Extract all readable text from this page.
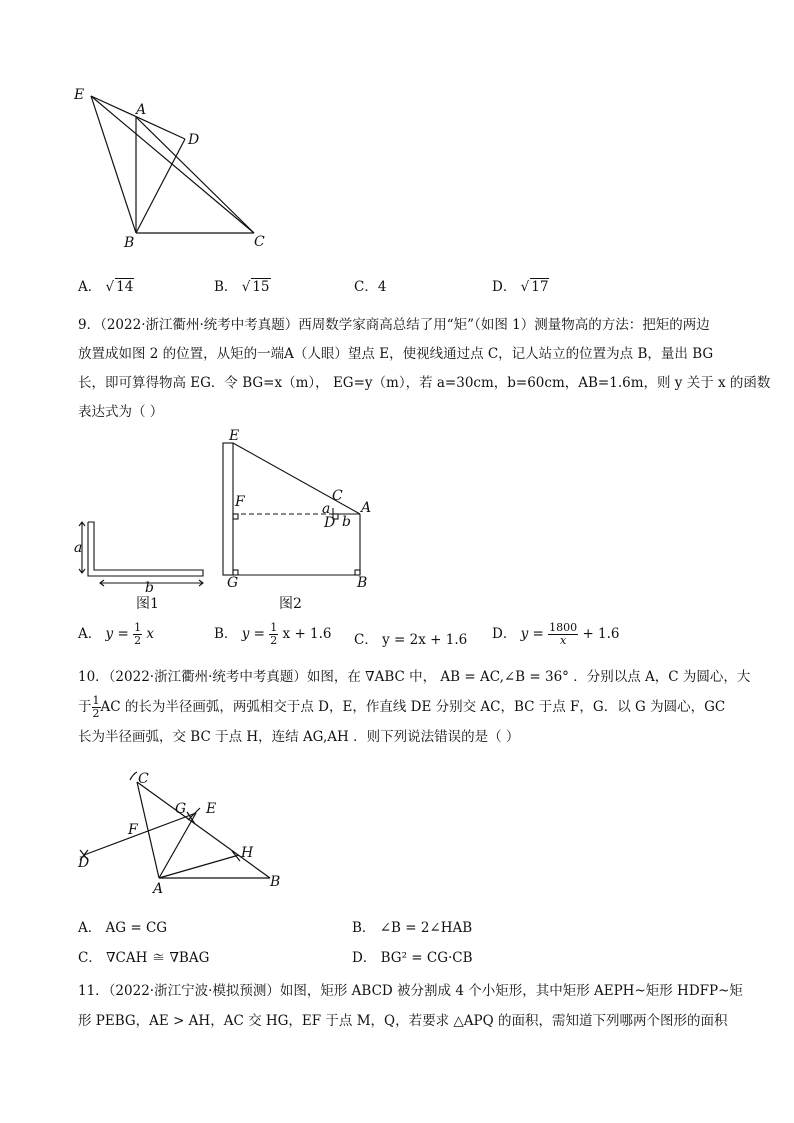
E
A
D
B	C
A． √ 14	B． √ 15	C．4	D． √ 17

9．（2022·浙江衢州·统考中考真题）西周数学家商高总结了用“矩”（如图 1）测量物高的方法：把矩的两边

放置成如图 2 的位置，从矩的一端A（人眼）望点 E，使视线通过点 C，记人站立的位置为点 B，量出 BG

长，即可算得物高 EG．令 BG=x（m）， EG=y（m），若 a=30cm，b=60cm，AB=1.6m，则 y 关于 x 的函数

表达式为（ ）

a
b
图1
E
F	C
a A
D b
G	B
图2
A． $y = \frac{1}{2}$ x	B． $y = \frac{1}{2}$ x + 1.6 C． y = 2x + 1.6 D． $y = \frac{1800}{x} + 1.6$

10．（2022·浙江衢州·统考中考真题）如图，在 ∇ABC 中， AB = AC,∠B = 36° ．分别以点 A，C 为圆心，大

于 $\frac{1}{2}$ AC 的长为半径画弧，两弧相交于点 D，E，作直线 DE 分别交 AC，BC 于点 F，G．以 G 为圆心，GC

长为半径画弧，交 BC 于点 H，连结 AG,AH ．则下列说法错误的是（ ）

C
G E
F
H
D
A	B
A． AG = CG	B． ∠B = 2∠HAB
C． ∇CAH ≅ ∇BAG	D． BG² = CG·CB

11．（2022·浙江宁波·模拟预测）如图，矩形 ABCD 被分割成 4 个小矩形，其中矩形 AEPH~矩形 HDFP~矩

形 PEBG，AE > AH，AC 交 HG，EF 于点 M，Q，若要求 △APQ 的面积，需知道下列哪两个图形的面积
